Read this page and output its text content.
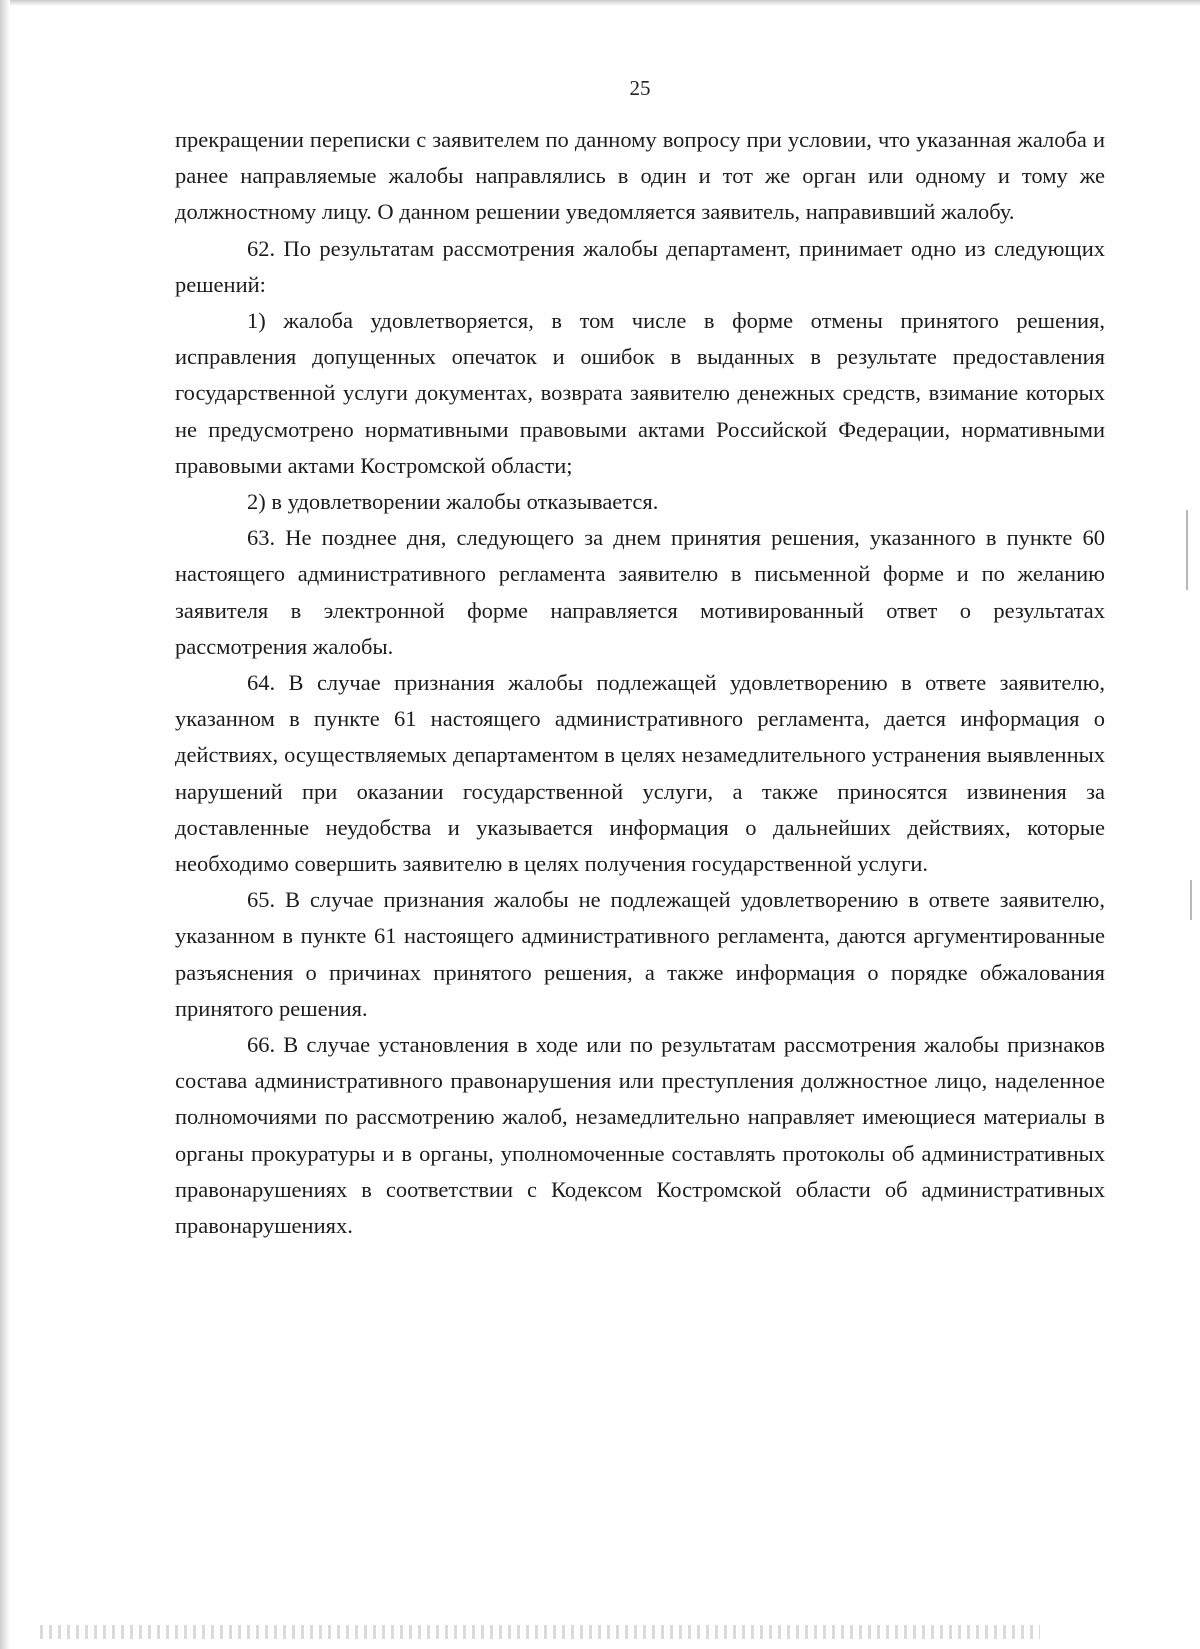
25

прекращении переписки с заявителем по данному вопросу при условии, что указанная жалоба и ранее направляемые жалобы направлялись в один и тот же орган или одному и тому же должностному лицу. О данном решении уведомляется заявитель, направивший жалобу.

62. По результатам рассмотрения жалобы департамент, принимает одно из следующих решений:

1) жалоба удовлетворяется, в том числе в форме отмены принятого решения, исправления допущенных опечаток и ошибок в выданных в результате предоставления государственной услуги документах, возврата заявителю денежных средств, взимание которых не предусмотрено нормативными правовыми актами Российской Федерации, нормативными правовыми актами Костромской области;

2) в удовлетворении жалобы отказывается.

63. Не позднее дня, следующего за днем принятия решения, указанного в пункте 60 настоящего административного регламента заявителю в письменной форме и по желанию заявителя в электронной форме направляется мотивированный ответ о результатах рассмотрения жалобы.

64. В случае признания жалобы подлежащей удовлетворению в ответе заявителю, указанном в пункте 61 настоящего административного регламента, дается информация о действиях, осуществляемых департаментом в целях незамедлительного устранения выявленных нарушений при оказании государственной услуги, а также приносятся извинения за доставленные неудобства и указывается информация о дальнейших действиях, которые необходимо совершить заявителю в целях получения государственной услуги.

65. В случае признания жалобы не подлежащей удовлетворению в ответе заявителю, указанном в пункте 61 настоящего административного регламента, даются аргументированные разъяснения о причинах принятого решения, а также информация о порядке обжалования принятого решения.

66. В случае установления в ходе или по результатам рассмотрения жалобы признаков состава административного правонарушения или преступления должностное лицо, наделенное полномочиями по рассмотрению жалоб, незамедлительно направляет имеющиеся материалы в органы прокуратуры и в органы, уполномоченные составлять протоколы об административных правонарушениях в соответствии с Кодексом Костромской области об административных правонарушениях.
